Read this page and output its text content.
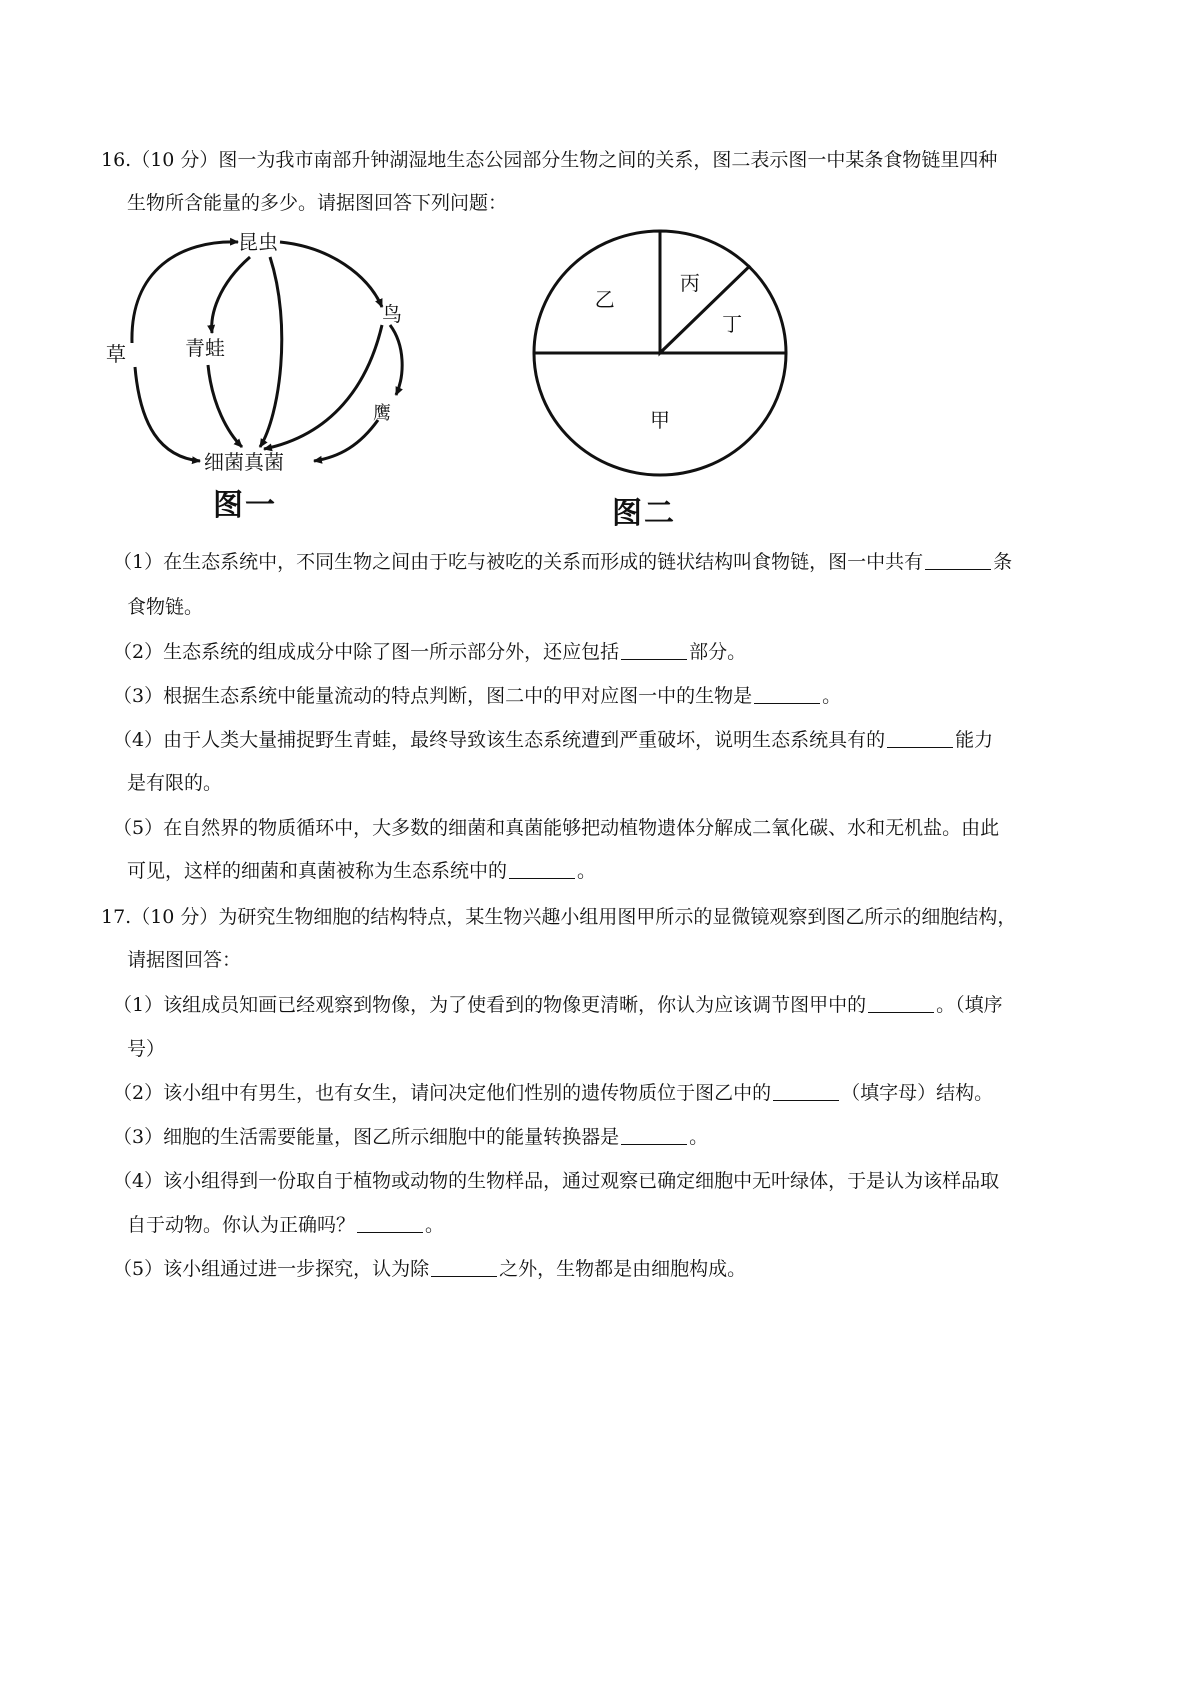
16.（10 分）图一为我市南部升钟湖湿地生态公园部分生物之间的关系，图二表示图一中某条食物链里四种
生物所含能量的多少。请据图回答下列问题：
昆虫
鸟
草	青蛙
鹰
细菌真菌
图一
甲
乙
丙
丁
图二
（1）在生态系统中，不同生物之间由于吃与被吃的关系而形成的链状结构叫食物链，图一中共有	条
食物链。
（2）生态系统的组成成分中除了图一所示部分外，还应包括	部分。
（3）根据生态系统中能量流动的特点判断，图二中的甲对应图一中的生物是	。
（4）由于人类大量捕捉野生青蛙，最终导致该生态系统遭到严重破坏，说明生态系统具有的	能力
是有限的。
（5）在自然界的物质循环中，大多数的细菌和真菌能够把动植物遗体分解成二氧化碳、水和无机盐。由此
可见，这样的细菌和真菌被称为生态系统中的	。
17.（10 分）为研究生物细胞的结构特点，某生物兴趣小组用图甲所示的显微镜观察到图乙所示的细胞结构，
请据图回答：
（1）该组成员知画已经观察到物像，为了使看到的物像更清晰，你认为应该调节图甲中的	。（填序
号）
（2）该小组中有男生，也有女生，请问决定他们性别的遗传物质位于图乙中的	（填字母）结构。
（3）细胞的生活需要能量，图乙所示细胞中的能量转换器是	。
（4）该小组得到一份取自于植物或动物的生物样品，通过观察已确定细胞中无叶绿体，于是认为该样品取
自于动物。你认为正确吗？	。
（5）该小组通过进一步探究，认为除	之外，生物都是由细胞构成。
